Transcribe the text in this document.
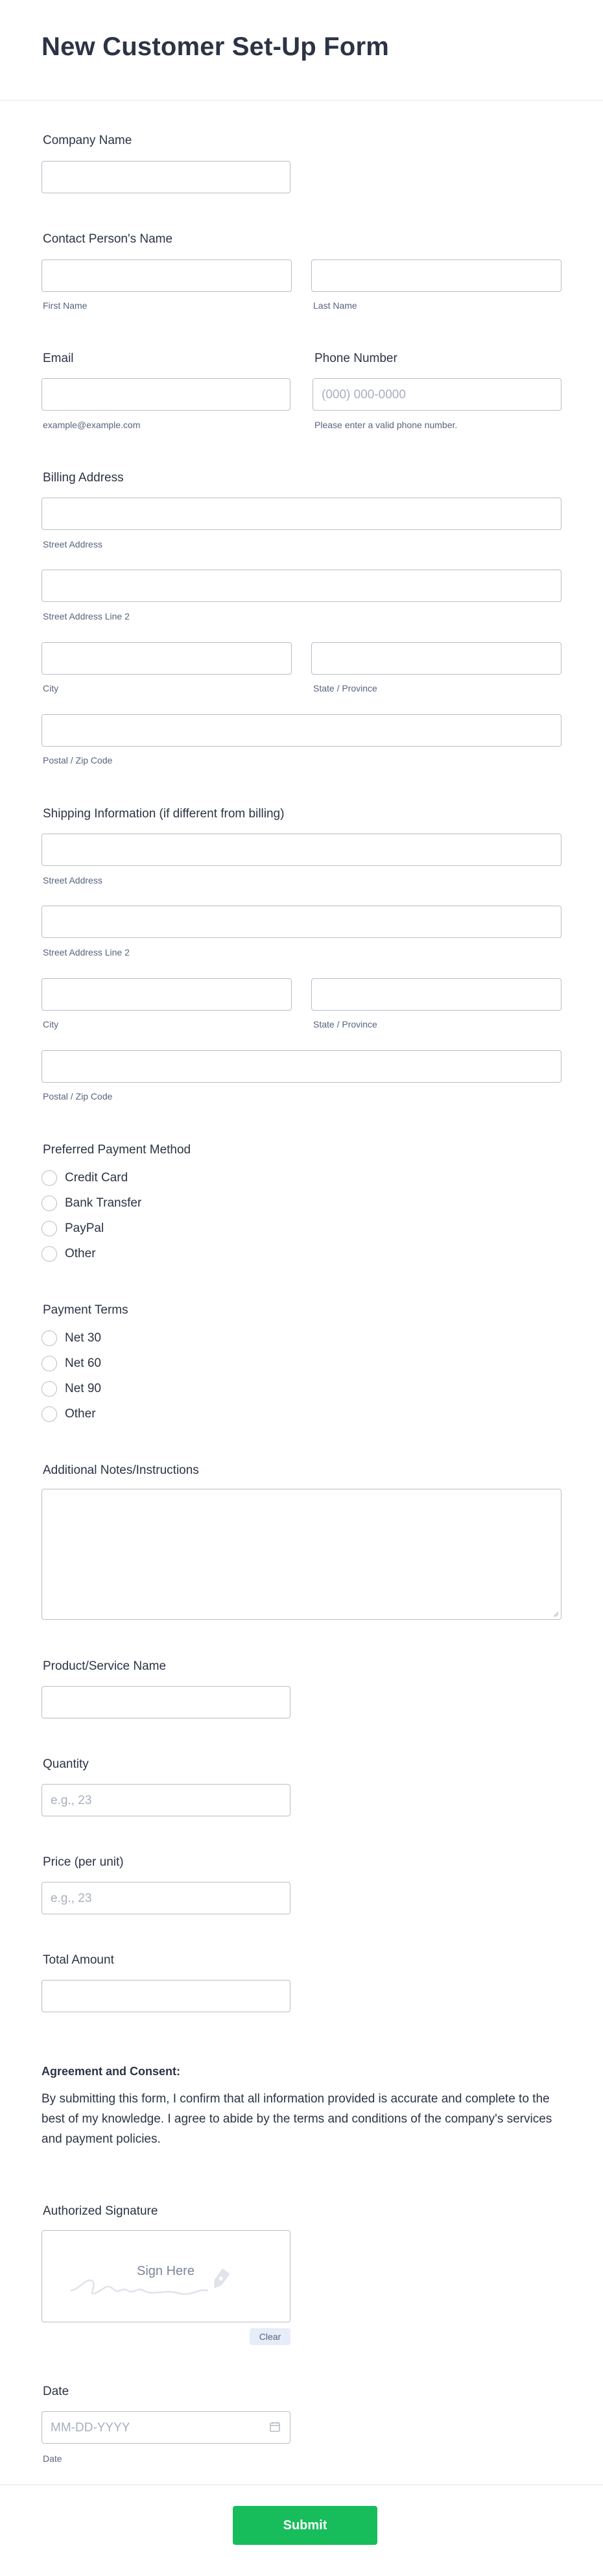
New Customer Set-Up Form
Company Name
Contact Person's Name
First Name	Last Name
Email	Phone Number
(000) 000-0000
example@example.com	Please enter a valid phone number.
Billing Address
Street Address
Street Address Line 2
City	State / Province
Postal / Zip Code
Shipping Information (if different from billing)
Street Address
Street Address Line 2
City	State / Province
Postal / Zip Code
Preferred Payment Method
Credit Card
Bank Transfer
PayPal
Other
Payment Terms
Net 30
Net 60
Net 90
Other
Additional Notes/Instructions
Product/Service Name
Quantity
e.g., 23
Price (per unit)
e.g., 23
Total Amount
Agreement and Consent:
By submitting this form, I confirm that all information provided is accurate and complete to the best of my knowledge. I agree to abide by the terms and conditions of the company's services and payment policies.
Authorized Signature
Sign Here
Clear
Date
MM-DD-YYYY
Date
Submit
